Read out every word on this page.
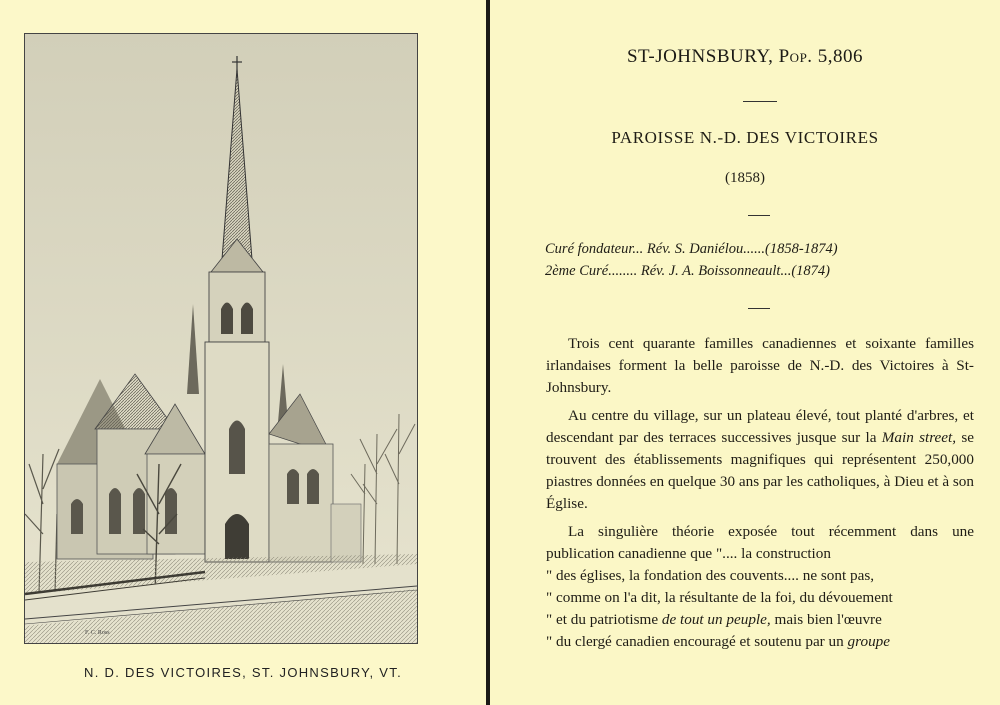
F. C. Ross
N. D. DES VICTOIRES, ST. JOHNSBURY, VT.
ST-JOHNSBURY, Pop. 5,806
PAROISSE N.-D. DES VICTOIRES
(1858)
Curé fondateur... Rév. S. Daniélou......(1858-1874)
2ème Curé........ Rév. J. A. Boissonneault...(1874)

Trois cent quarante familles canadiennes et soixante familles irlandaises forment la belle paroisse de N.-D. des Victoires à St-Johnsbury.

Au centre du village, sur un plateau élevé, tout planté d'arbres, et descendant par des terraces successives jusque sur la Main street, se trouvent des établissements magnifiques qui représentent 250,000 piastres données en quelque 30 ans par les catholiques, à Dieu et à son Église.

La singulière théorie exposée tout récemment dans une publication canadienne que ".... la construction
" des églises, la fondation des couvents.... ne sont pas,
" comme on l'a dit, la résultante de la foi, du dévouement
" et du patriotisme de tout un peuple, mais bien l'œuvre
" du clergé canadien encouragé et soutenu par un groupe
